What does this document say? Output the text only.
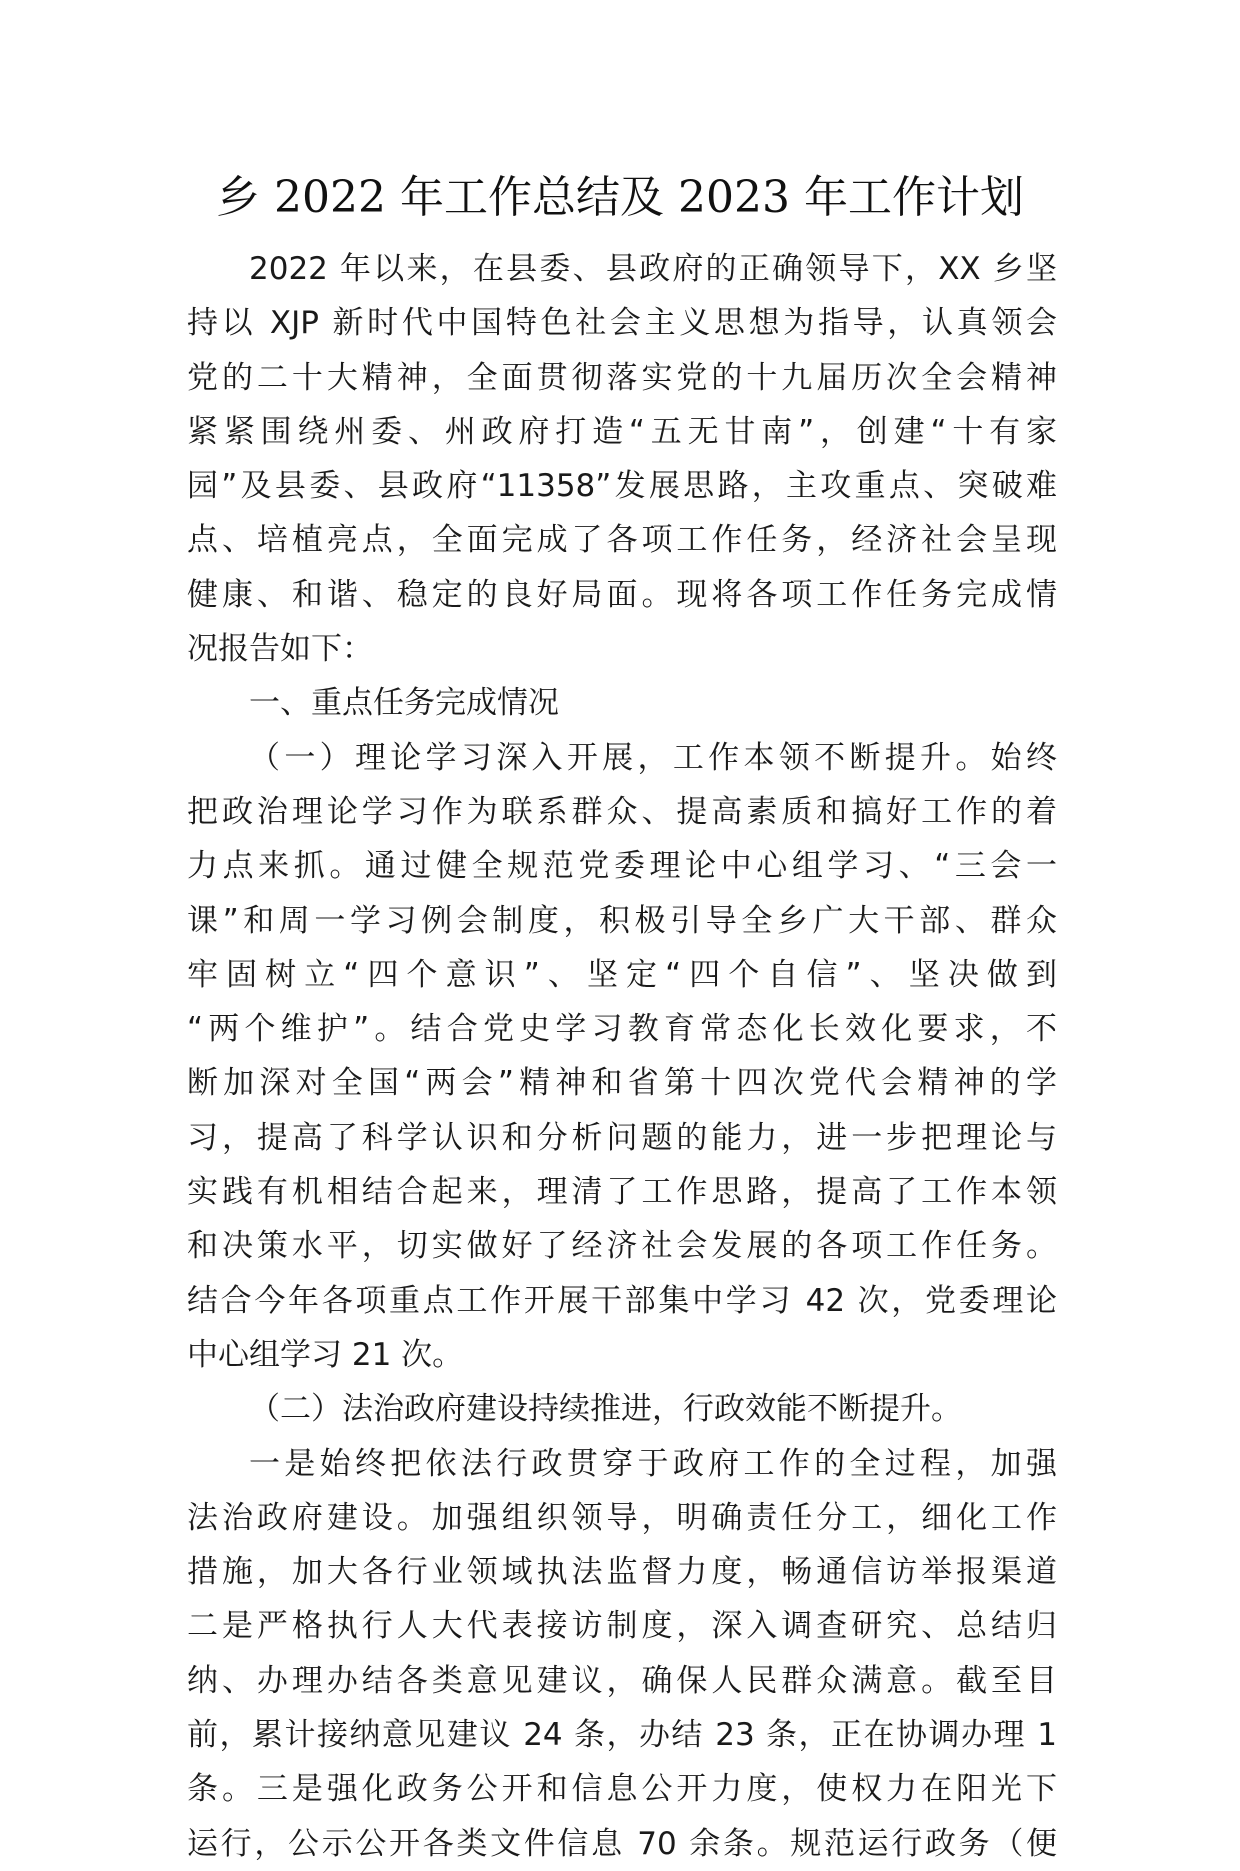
乡 2022 年工作总结及 2023 年工作计划
2022 年以来，在县委、县政府的正确领导下，XX 乡坚
持以 XJP 新时代中国特色社会主义思想为指导，认真领会
党的二十大精神，全面贯彻落实党的十九届历次全会精神
紧紧围绕州委、州政府打造“五无甘南”，创建“十有家
园”及县委、县政府“11358”发展思路，主攻重点、突破难
点、培植亮点，全面完成了各项工作任务，经济社会呈现
健康、和谐、稳定的良好局面。现将各项工作任务完成情
况报告如下：
一、重点任务完成情况
（一）理论学习深入开展，工作本领不断提升。始终
把政治理论学习作为联系群众、提高素质和搞好工作的着
力点来抓。通过健全规范党委理论中心组学习、“三会一
课”和周一学习例会制度，积极引导全乡广大干部、群众
牢固树立“四个意识”、坚定“四个自信”、坚决做到
“两个维护”。结合党史学习教育常态化长效化要求，不
断加深对全国“两会”精神和省第十四次党代会精神的学
习，提高了科学认识和分析问题的能力，进一步把理论与
实践有机相结合起来，理清了工作思路，提高了工作本领
和决策水平，切实做好了经济社会发展的各项工作任务。
结合今年各项重点工作开展干部集中学习 42 次，党委理论
中心组学习 21 次。
（二）法治政府建设持续推进，行政效能不断提升。
一是始终把依法行政贯穿于政府工作的全过程，加强
法治政府建设。加强组织领导，明确责任分工，细化工作
措施，加大各行业领域执法监督力度，畅通信访举报渠道
二是严格执行人大代表接访制度，深入调查研究、总结归
纳、办理办结各类意见建议，确保人民群众满意。截至目
前，累计接纳意见建议 24 条，办结 23 条，正在协调办理 1
条。三是强化政务公开和信息公开力度，使权力在阳光下
运行，公示公开各类文件信息 70 余条。规范运行政务（便
